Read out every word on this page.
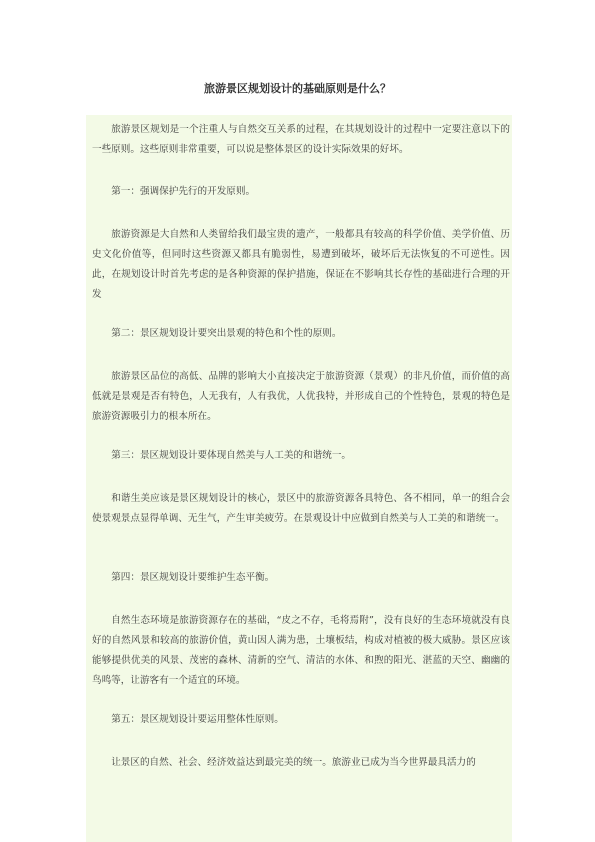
旅游景区规划设计的基础原则是什么？

旅游景区规划是一个注重人与自然交互关系的过程，在其规划设计的过程中一定要注意以下的一些原则。这些原则非常重要，可以说是整体景区的设计实际效果的好坏。

第一：强调保护先行的开发原则。

旅游资源是大自然和人类留给我们最宝贵的遗产，一般都具有较高的科学价值、美学价值、历史文化价值等，但同时这些资源又都具有脆弱性，易遭到破坏，破坏后无法恢复的不可逆性。因此，在规划设计时首先考虑的是各种资源的保护措施，保证在不影响其长存性的基础进行合理的开发

第二：景区规划设计要突出景观的特色和个性的原则。

旅游景区品位的高低、品牌的影响大小直接决定于旅游资源（景观）的非凡价值，而价值的高低就是景观是否有特色，人无我有，人有我优，人优我特，并形成自己的个性特色，景观的特色是旅游资源吸引力的根本所在。

第三：景区规划设计要体现自然美与人工美的和谐统一。

和谐生美应该是景区规划设计的核心，景区中的旅游资源各具特色、各不相同，单一的组合会使景观景点显得单调、无生气，产生审美疲劳。在景观设计中应做到自然美与人工美的和谐统一。

第四：景区规划设计要维护生态平衡。

自然生态环境是旅游资源存在的基础，“皮之不存，毛将焉附”，没有良好的生态环境就没有良好的自然风景和较高的旅游价值，黄山因人满为患，土壤板结，构成对植被的极大威胁。景区应该能够提供优美的风景、茂密的森林、清新的空气、清洁的水体、和煦的阳光、湛蓝的天空、幽幽的鸟鸣等，让游客有一个适宜的环境。

第五：景区规划设计要运用整体性原则。

让景区的自然、社会、经济效益达到最完美的统一。旅游业已成为当今世界最具活力的
